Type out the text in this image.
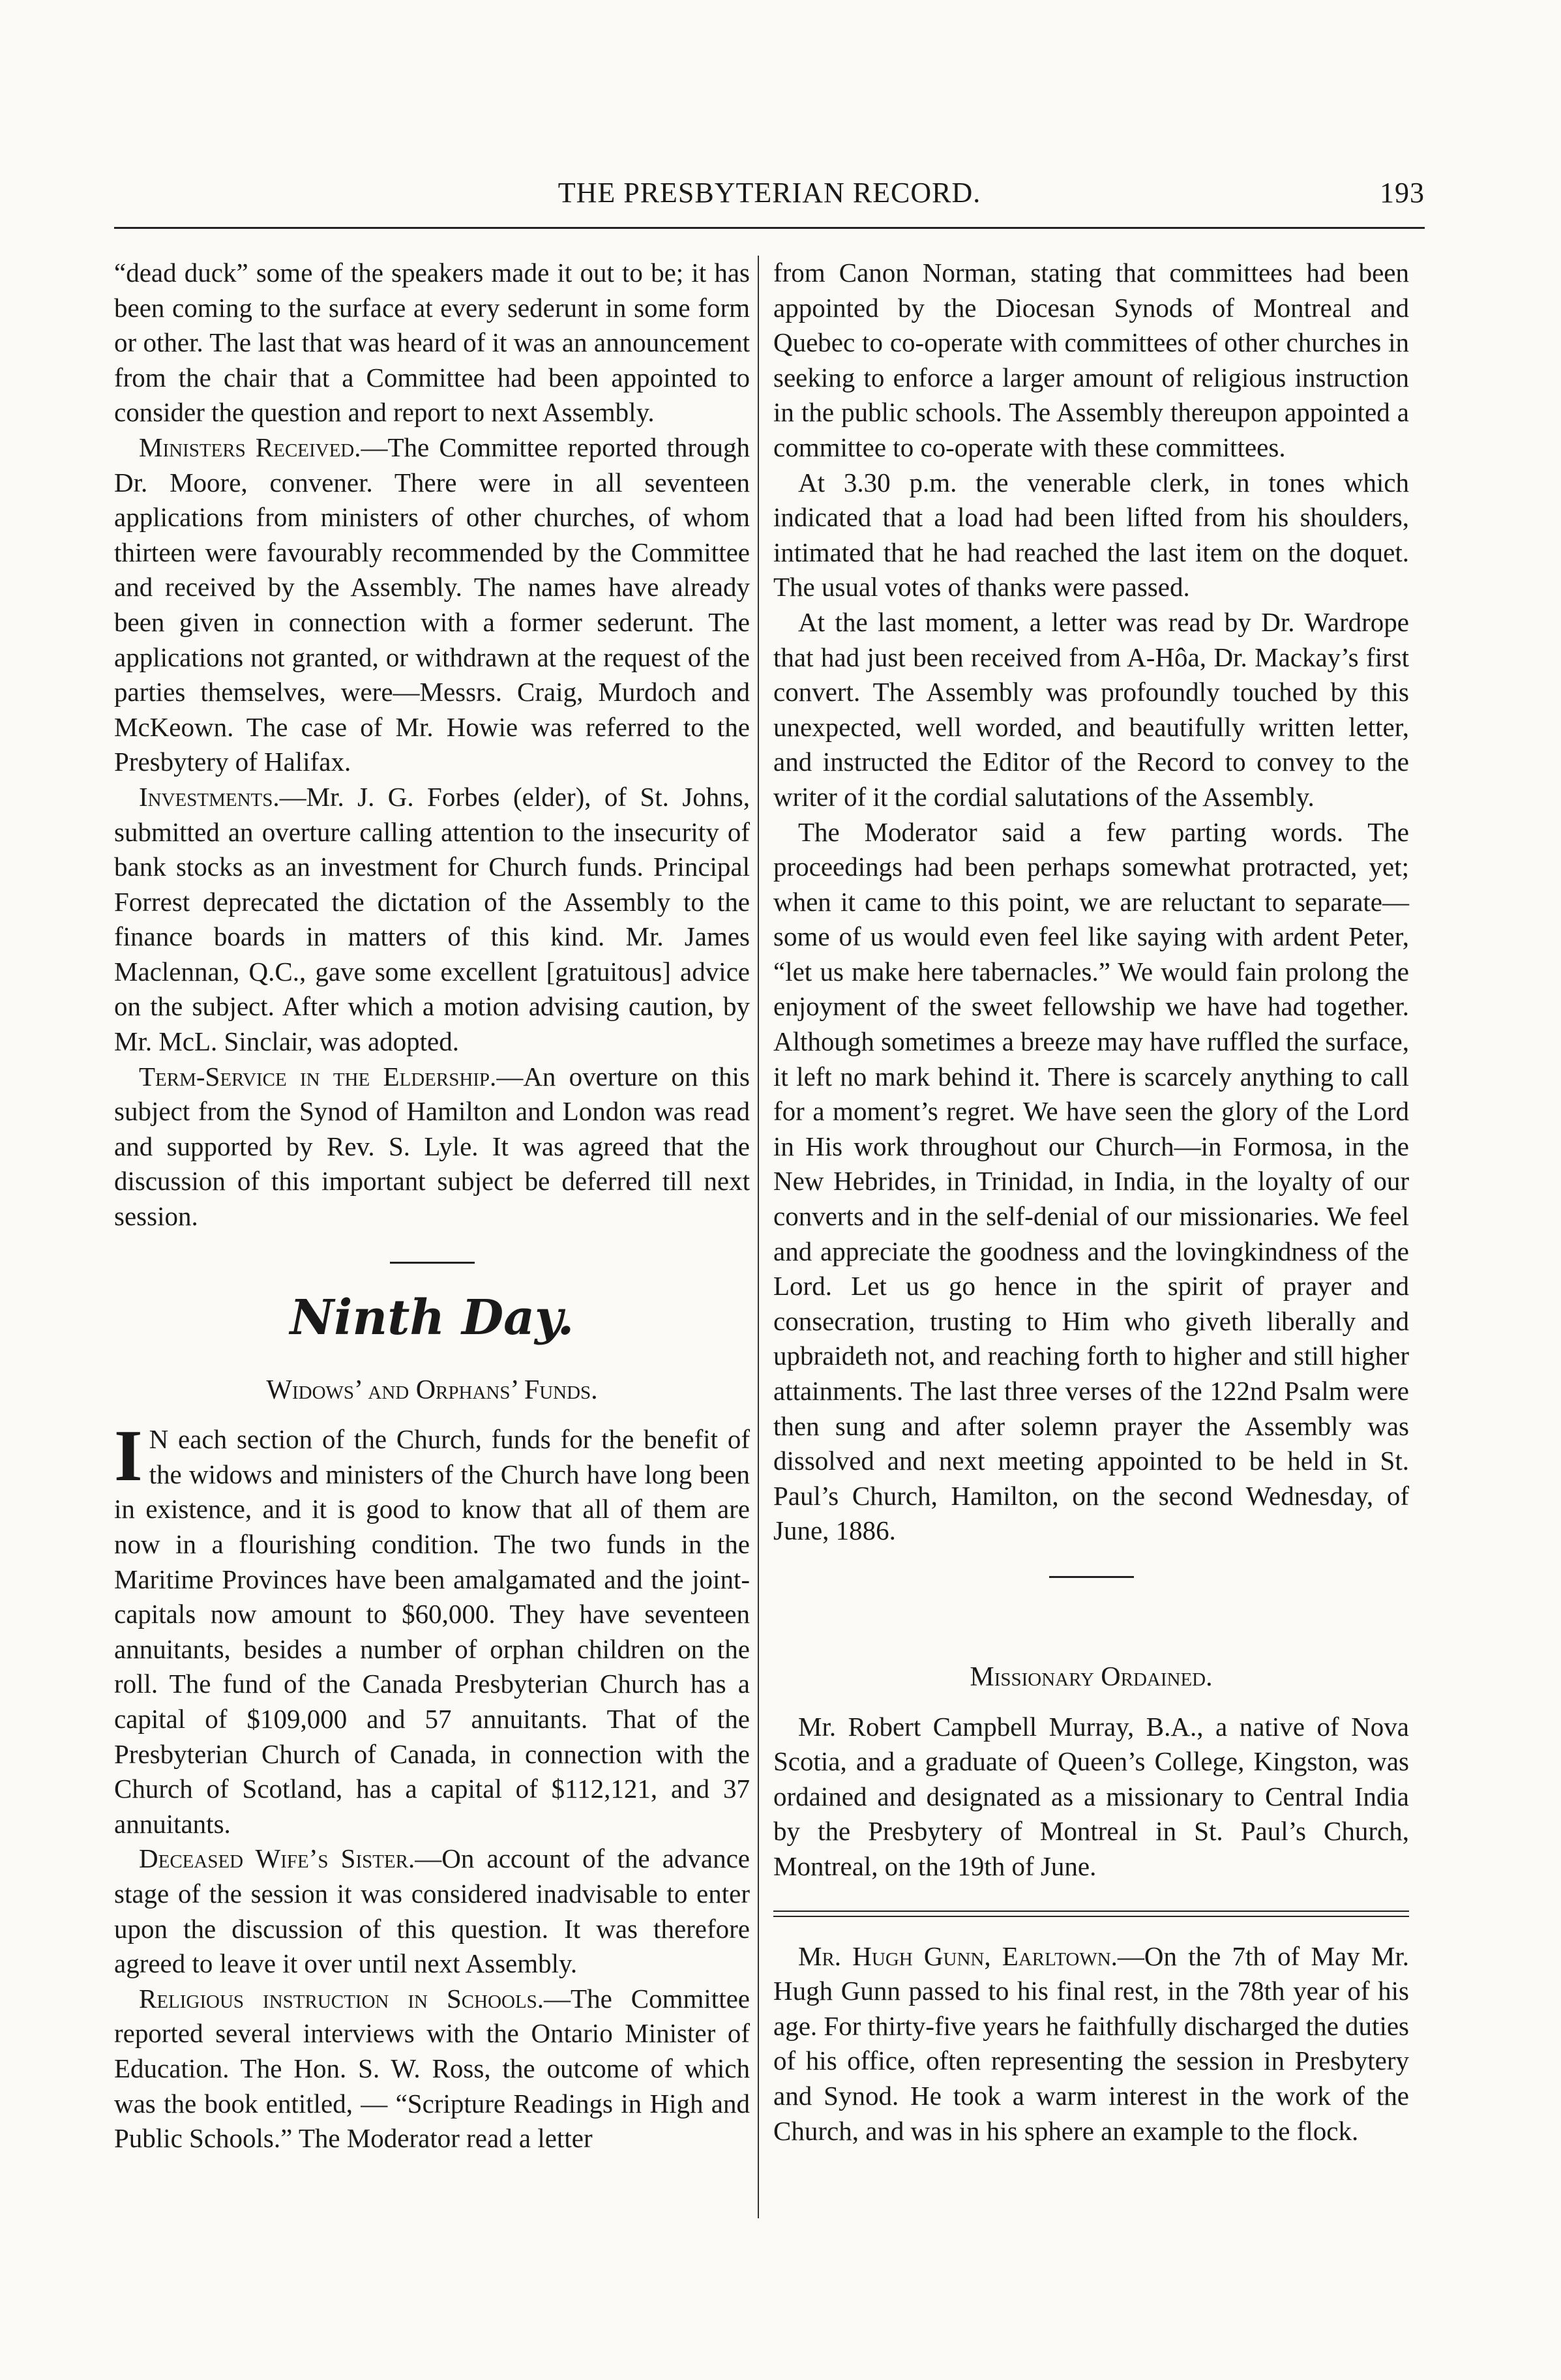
THE PRESBYTERIAN RECORD.	193

“dead duck” some of the speakers made it out to be; it has been coming to the surface at every sederunt in some form or other. The last that was heard of it was an announcement from the chair that a Committee had been appointed to consider the question and report to next Assembly.

Ministers Received.—The Committee reported through Dr. Moore, convener. There were in all seventeen applications from ministers of other churches, of whom thirteen were favourably recommended by the Committee and received by the Assembly. The names have already been given in connection with a former sederunt. The applications not granted, or withdrawn at the request of the parties themselves, were—Messrs. Craig, Murdoch and McKeown. The case of Mr. Howie was referred to the Presbytery of Halifax.

Investments.—Mr. J. G. Forbes (elder), of St. Johns, submitted an overture calling attention to the insecurity of bank stocks as an investment for Church funds. Principal Forrest deprecated the dictation of the Assembly to the finance boards in matters of this kind. Mr. James Maclennan, Q.C., gave some excellent [gratuitous] advice on the subject. After which a motion advising caution, by Mr. McL. Sinclair, was adopted.

Term-Service in the Eldership.—An overture on this subject from the Synod of Hamilton and London was read and supported by Rev. S. Lyle. It was agreed that the discussion of this important subject be deferred till next session.

Ninth Day.
Widows’ and Orphans’ Funds.

I N each section of the Church, funds for the benefit of the widows and ministers of the Church have long been in existence, and it is good to know that all of them are now in a flourishing condition. The two funds in the Maritime Provinces have been amalgamated and the joint-capitals now amount to $60,000. They have seventeen annuitants, besides a number of orphan children on the roll. The fund of the Canada Presbyterian Church has a capital of $109,000 and 57 annuitants. That of the Presbyterian Church of Canada, in connection with the Church of Scotland, has a capital of $112,121, and 37 annuitants.

Deceased Wife’s Sister.—On account of the advance stage of the session it was considered inadvisable to enter upon the discussion of this question. It was therefore agreed to leave it over until next Assembly.

Religious instruction in Schools.—The Committee reported several interviews with the Ontario Minister of Education. The Hon. S. W. Ross, the outcome of which was the book entitled, — “Scripture Readings in High and Public Schools.” The Moderator read a letter

from Canon Norman, stating that committees had been appointed by the Diocesan Synods of Montreal and Quebec to co-operate with committees of other churches in seeking to enforce a larger amount of religious instruction in the public schools. The Assembly thereupon appointed a committee to co-operate with these committees.

At 3.30 p.m. the venerable clerk, in tones which indicated that a load had been lifted from his shoulders, intimated that he had reached the last item on the doquet. The usual votes of thanks were passed.

At the last moment, a letter was read by Dr. Wardrope that had just been received from A-Hôa, Dr. Mackay’s first convert. The Assembly was profoundly touched by this unexpected, well worded, and beautifully written letter, and instructed the Editor of the Record to convey to the writer of it the cordial salutations of the Assembly.

The Moderator said a few parting words. The proceedings had been perhaps somewhat protracted, yet; when it came to this point, we are reluctant to separate—some of us would even feel like saying with ardent Peter, “let us make here tabernacles.” We would fain prolong the enjoyment of the sweet fellowship we have had together. Although sometimes a breeze may have ruffled the surface, it left no mark behind it. There is scarcely anything to call for a moment’s regret. We have seen the glory of the Lord in His work throughout our Church—in Formosa, in the New Hebrides, in Trinidad, in India, in the loyalty of our converts and in the self-denial of our missionaries. We feel and appreciate the goodness and the lovingkindness of the Lord. Let us go hence in the spirit of prayer and consecration, trusting to Him who giveth liberally and upbraideth not, and reaching forth to higher and still higher attainments. The last three verses of the 122nd Psalm were then sung and after solemn prayer the Assembly was dissolved and next meeting appointed to be held in St. Paul’s Church, Hamilton, on the second Wednesday, of June, 1886.

Missionary Ordained.

Mr. Robert Campbell Murray, B.A., a native of Nova Scotia, and a graduate of Queen’s College, Kingston, was ordained and designated as a missionary to Central India by the Presbytery of Montreal in St. Paul’s Church, Montreal, on the 19th of June.

Mr. Hugh Gunn, Earltown.—On the 7th of May Mr. Hugh Gunn passed to his final rest, in the 78th year of his age. For thirty-five years he faithfully discharged the duties of his office, often representing the session in Presbytery and Synod. He took a warm interest in the work of the Church, and was in his sphere an example to the flock.
